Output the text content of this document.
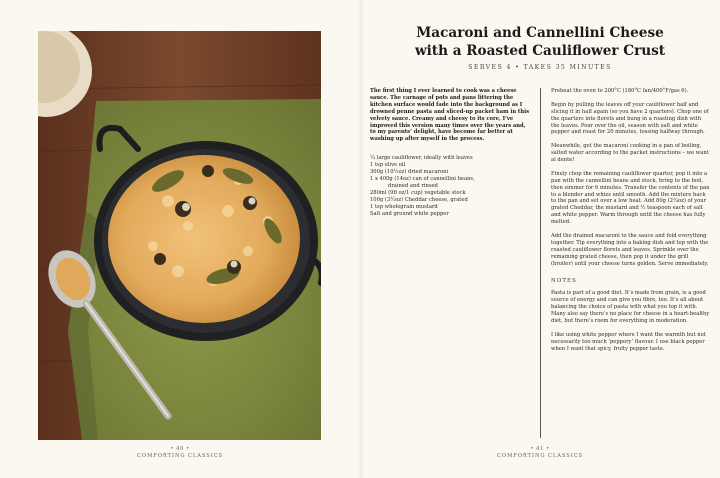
• 40 •
COMFORTING CLASSICS
Macaroni and Cannellini Cheese
with a Roasted Cauliflower Crust

SERVES 4 • TAKES 35 MINUTES

The first thing I ever learned to cook was a cheese sauce. The carnage of pots and pans littering the kitchen surface would fade into the background as I drowned penne pasta and sliced-up packet ham in this velvety sauce. Creamy and cheesy to its core, I’ve improved this version many times over the years and, to my parents’ delight, have become far better at washing up after myself in the process.

¼ large cauliflower, ideally with leaves
1 tsp olive oil
300g (10½oz) dried macaroni
1 x 400g (14oz) can of cannellini beans,
drained and rinsed
280ml (9fl oz/1 cup) vegetable stock
100g (3½oz) Cheddar cheese, grated
1 tsp wholegrain mustard
Salt and ground white pepper

Preheat the oven to 200°C (180°C fan/400°F/gas 6).

Begin by pulling the leaves off your cauliflower half and slicing it in half again (so you have 2 quarters). Chop one of the quarters into florets and bung in a roasting dish with the leaves. Pour over the oil, season with salt and white pepper and roast for 20 minutes, tossing halfway through.

Meanwhile, get the macaroni cooking in a pan of boiling, salted water according to the packet instructions – we want al dente!

Finely chop the remaining cauliflower quarter, pop it into a pan with the cannellini beans and stock, bring to the boil, then simmer for 6 minutes. Transfer the contents of the pan to a blender and whizz until smooth. Add the mixture back to the pan and set over a low heat. Add 80g (2¼oz) of your grated Cheddar, the mustard and ½ teaspoon each of salt and white pepper. Warm through until the cheese has fully melted.

Add the drained macaroni to the sauce and fold everything together. Tip everything into a baking dish and top with the roasted cauliflower florets and leaves. Sprinkle over the remaining grated cheese, then pop it under the grill (broiler) until your cheese turns golden. Serve immediately.

NOTES

Pasta is part of a good diet. It’s made from grain, is a good source of energy and can give you fibre, too. It’s all about balancing the choice of pasta with what you top it with. Many also say there’s no place for cheese in a heart-healthy diet, but there’s room for everything in moderation.

I like using white pepper where I want the warmth but not necessarily too much ‘peppery’ flavour. I use black pepper when I want that spicy, fruity pepper taste.

• 41 •
COMFORTING CLASSICS
